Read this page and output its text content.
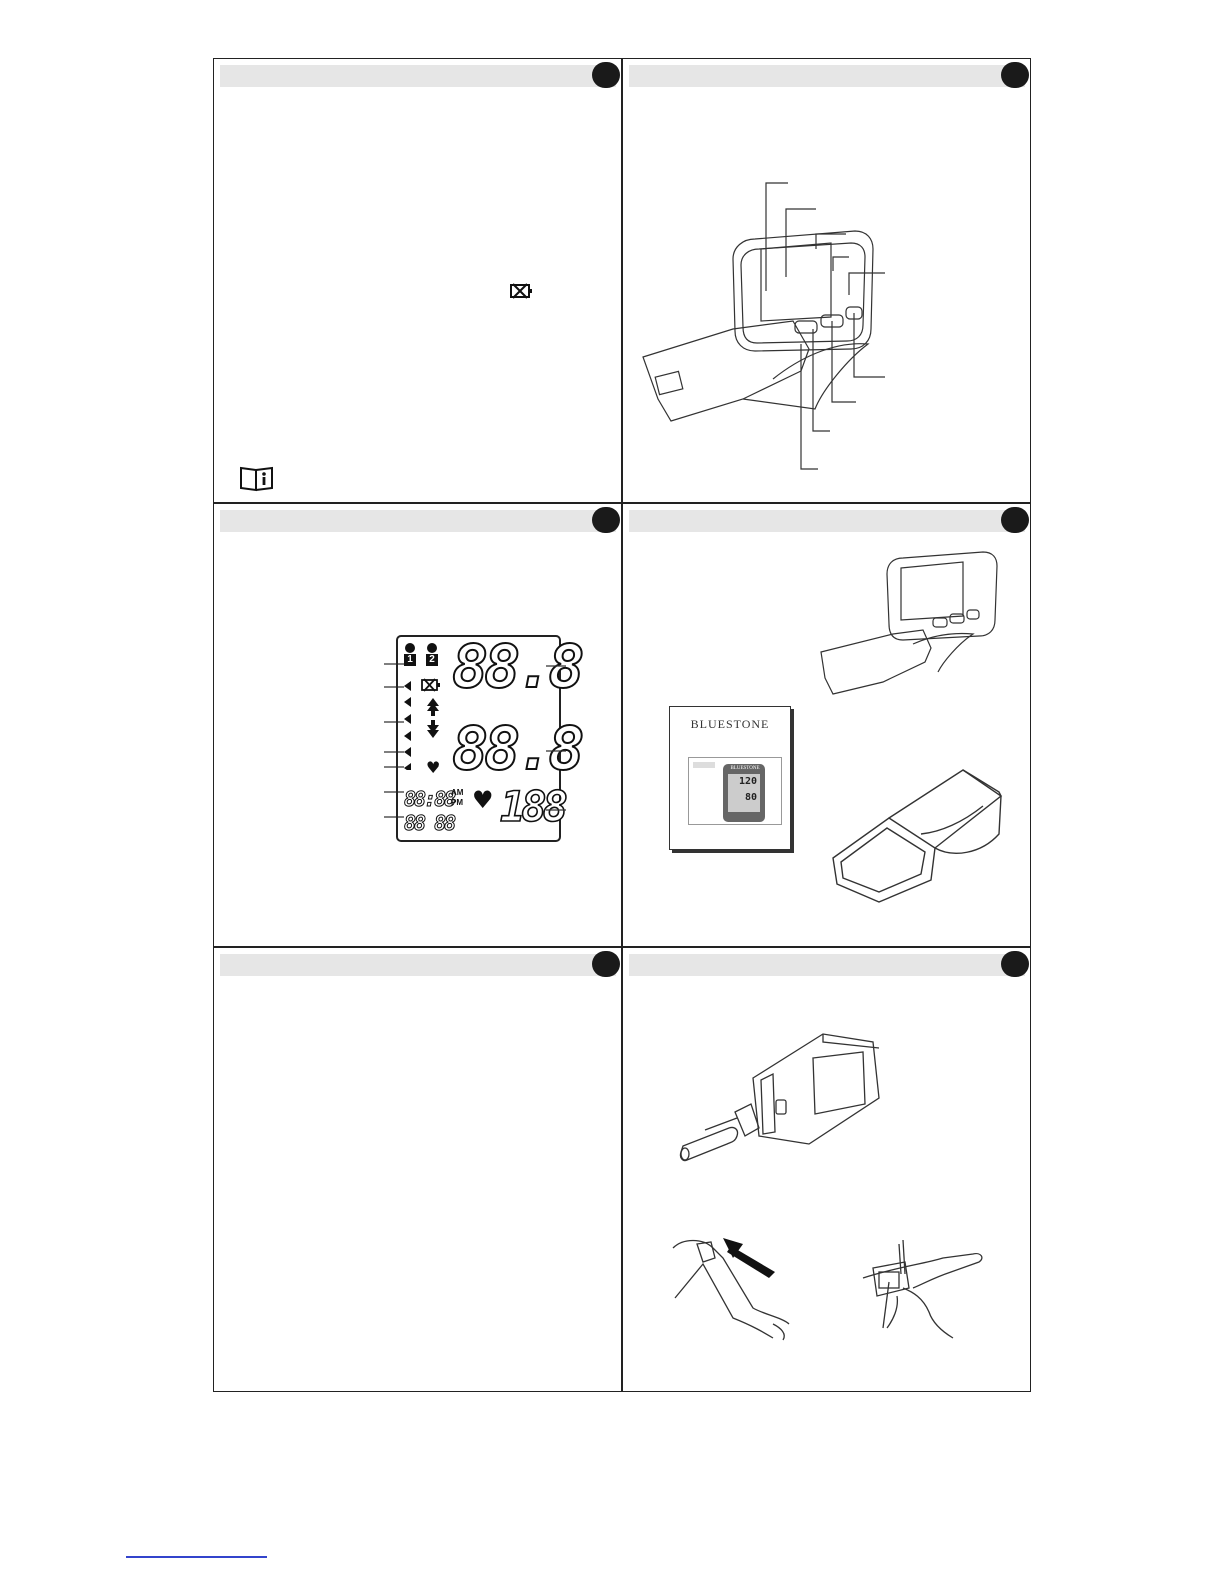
1 2
♥
88.8
88.8
♥ 188
88:88
AM
PM
88 88
BLUESTONE
BLUESTONE
120
80
